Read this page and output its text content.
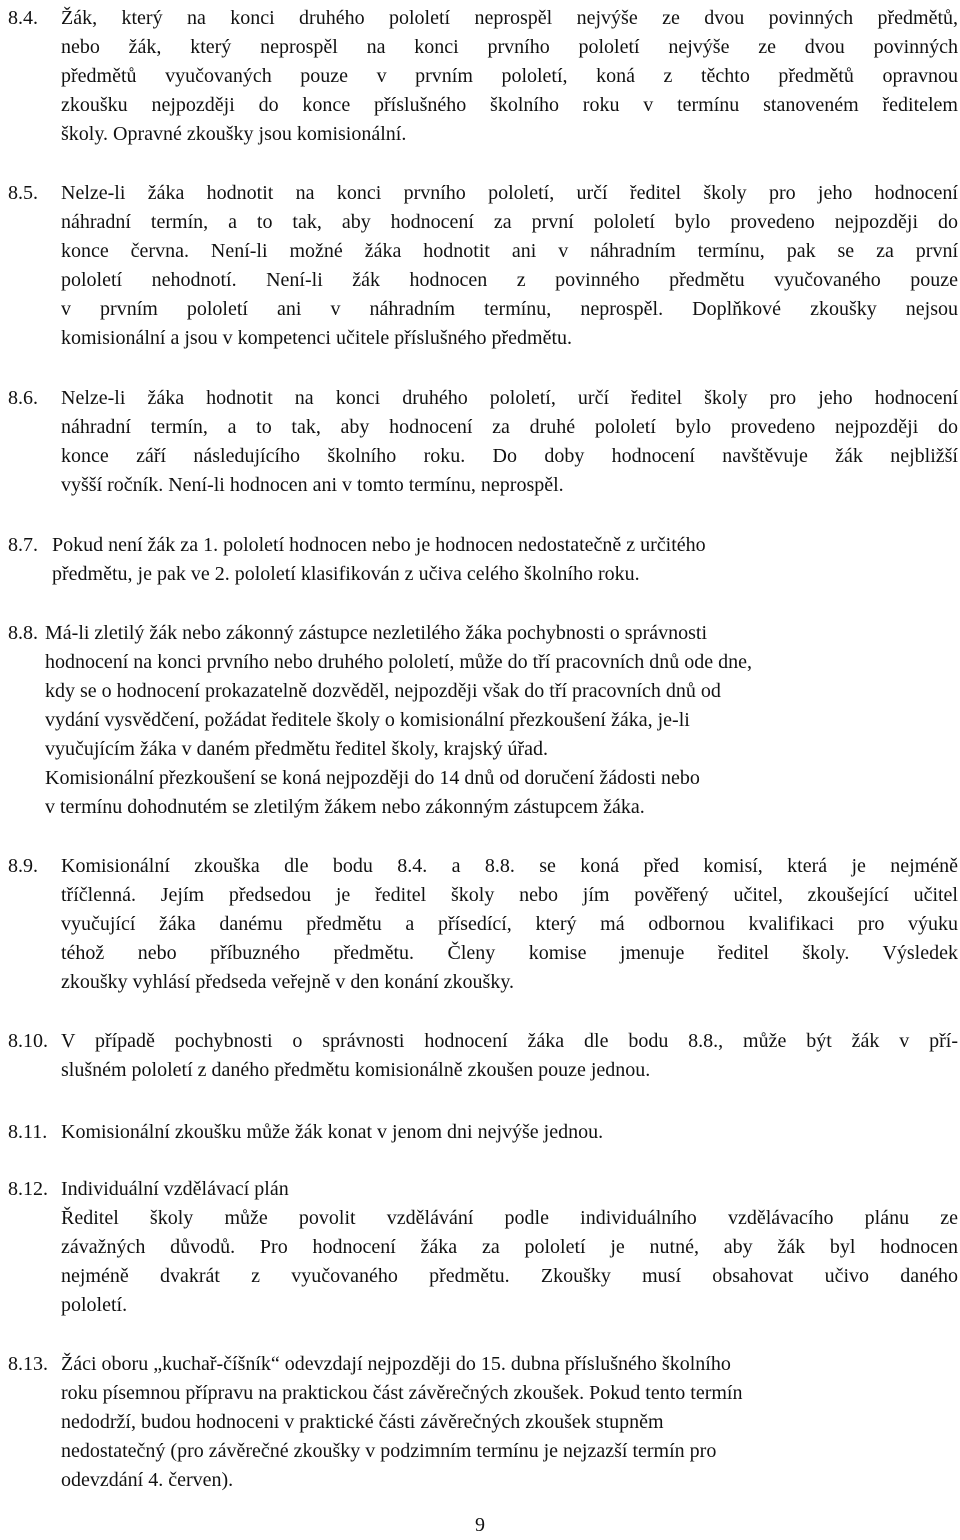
8.4. Žák, který na konci druhého pololetí neprospěl nejvýše ze dvou povinných předmětů,
nebo žák, který neprospěl na konci prvního pololetí nejvýše ze dvou povinných
předmětů vyučovaných pouze v prvním pololetí, koná z těchto předmětů opravnou
zkoušku nejpozději do konce příslušného školního roku v termínu stanoveném ředitelem
školy. Opravné zkoušky jsou komisionální.
8.5. Nelze-li žáka hodnotit na konci prvního pololetí, určí ředitel školy pro jeho hodnocení
náhradní termín, a to tak, aby hodnocení za první pololetí bylo provedeno nejpozději do
konce června. Není-li možné žáka hodnotit ani v náhradním termínu, pak se za první
pololetí nehodnotí. Není-li žák hodnocen z povinného předmětu vyučovaného pouze
v prvním pololetí ani v náhradním termínu, neprospěl. Doplňkové zkoušky nejsou
komisionální a jsou v kompetenci učitele příslušného předmětu.
8.6. Nelze-li žáka hodnotit na konci druhého pololetí, určí ředitel školy pro jeho hodnocení
náhradní termín, a to tak, aby hodnocení za druhé pololetí bylo provedeno nejpozději do
konce září následujícího školního roku. Do doby hodnocení navštěvuje žák nejbližší
vyšší ročník. Není-li hodnocen ani v tomto termínu, neprospěl.
8.7. Pokud není žák za 1. pololetí hodnocen nebo je hodnocen nedostatečně z určitého
předmětu, je pak ve 2. pololetí klasifikován z učiva celého školního roku.
8.8. Má-li zletilý žák nebo zákonný zástupce nezletilého žáka pochybnosti o správnosti
hodnocení na konci prvního nebo druhého pololetí, může do tří pracovních dnů ode dne,
kdy se o hodnocení prokazatelně dozvěděl, nejpozději však do tří pracovních dnů od
vydání vysvědčení, požádat ředitele školy o komisionální přezkoušení žáka, je-li
vyučujícím žáka v daném předmětu ředitel školy, krajský úřad.
Komisionální přezkoušení se koná nejpozději do 14 dnů od doručení žádosti nebo
v termínu dohodnutém se zletilým žákem nebo zákonným zástupcem žáka.
8.9. Komisionální zkouška dle bodu 8.4. a 8.8. se koná před komisí, která je nejméně
tříčlenná. Jejím předsedou je ředitel školy nebo jím pověřený učitel, zkoušející učitel
vyučující žáka danému předmětu a přísedící, který má odbornou kvalifikaci pro výuku
téhož nebo příbuzného předmětu. Členy komise jmenuje ředitel školy. Výsledek
zkoušky vyhlásí předseda veřejně v den konání zkoušky.
8.10. V případě pochybnosti o správnosti hodnocení žáka dle bodu 8.8., může být žák v pří-
slušném pololetí z daného předmětu komisionálně zkoušen pouze jednou.
8.11. Komisionální zkoušku může žák konat v jenom dni nejvýše jednou.
8.12. Individuální vzdělávací plán
Ředitel školy může povolit vzdělávání podle individuálního vzdělávacího plánu ze
závažných důvodů. Pro hodnocení žáka za pololetí je nutné, aby žák byl hodnocen
nejméně dvakrát z vyučovaného předmětu. Zkoušky musí obsahovat učivo daného
pololetí.
8.13. Žáci oboru „kuchař-číšník“ odevzdají nejpozději do 15. dubna příslušného školního
roku písemnou přípravu na praktickou část závěrečných zkoušek. Pokud tento termín
nedodrží, budou hodnoceni v praktické části závěrečných zkoušek stupněm
nedostatečný (pro závěrečné zkoušky v podzimním termínu je nejzazší termín pro
odevzdání 4. červen).
9
